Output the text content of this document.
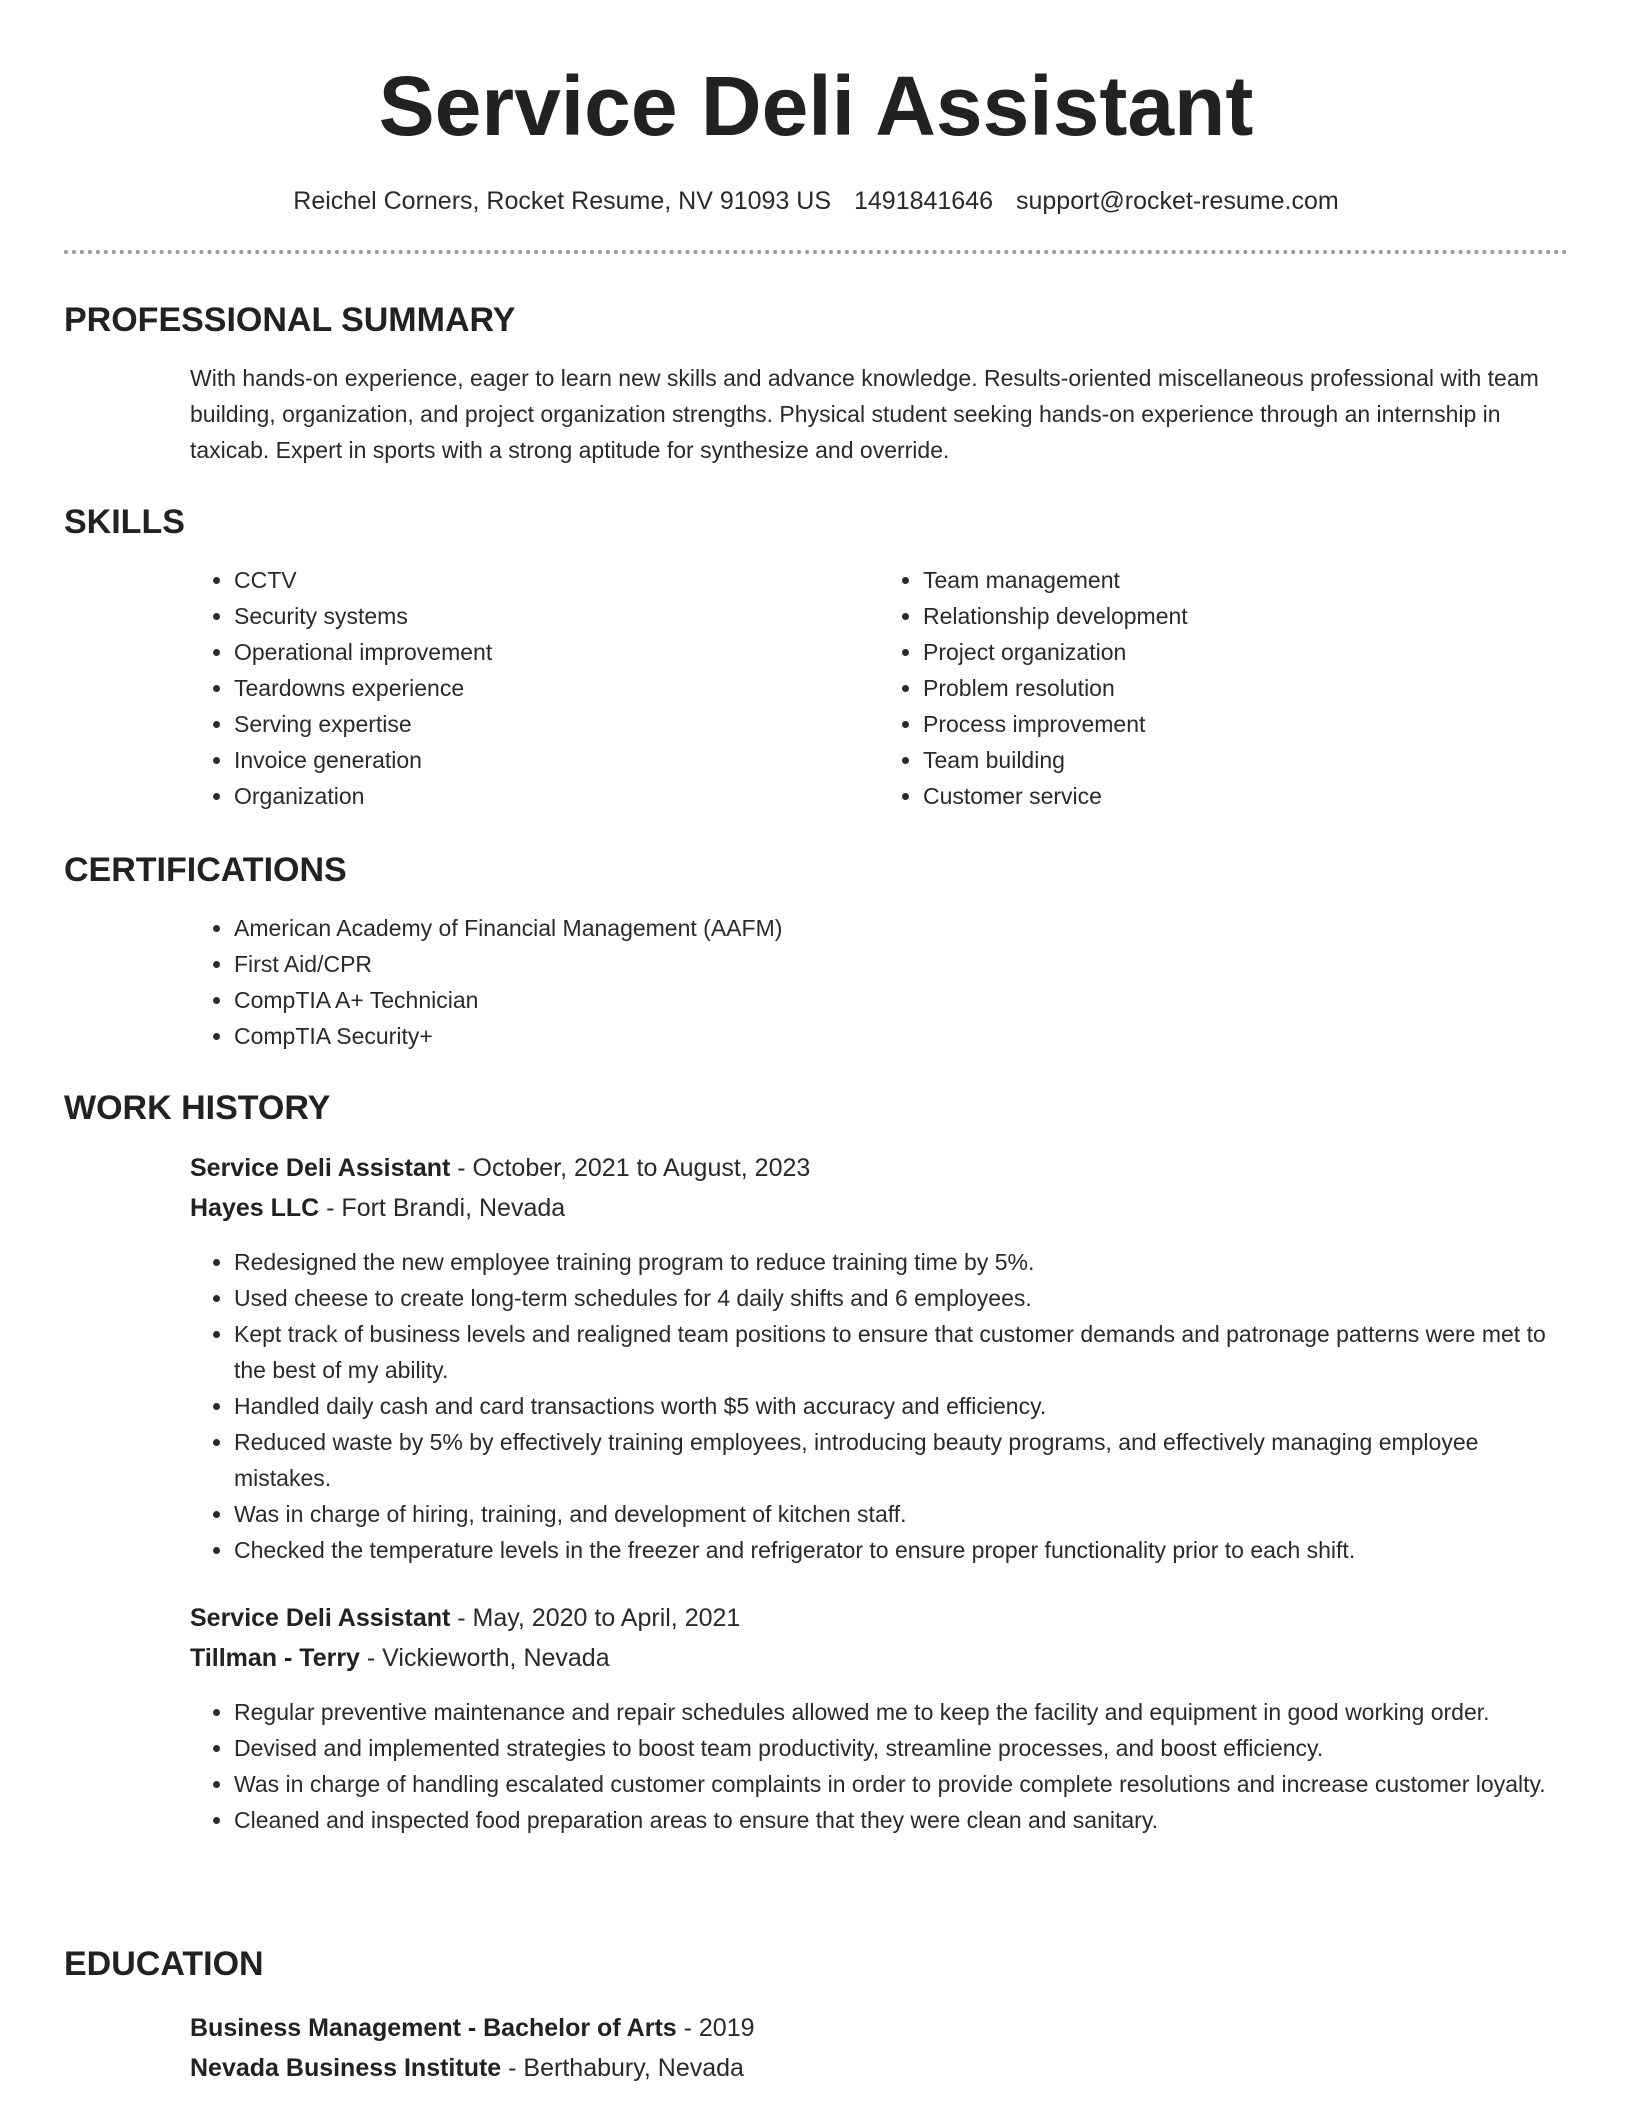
Service Deli Assistant
Reichel Corners, Rocket Resume, NV 91093 US 1491841646 support@rocket-resume.com
PROFESSIONAL SUMMARY

With hands-on experience, eager to learn new skills and advance knowledge. Results-oriented miscellaneous professional with team building, organization, and project organization strengths. Physical student seeking hands-on experience through an internship in taxicab. Expert in sports with a strong aptitude for synthesize and override.

SKILLS
• CCTV
• Security systems
• Operational improvement
• Teardowns experience
• Serving expertise
• Invoice generation
• Organization
• Team management
• Relationship development
• Project organization
• Problem resolution
• Process improvement
• Team building
• Customer service
CERTIFICATIONS
• American Academy of Financial Management (AAFM)
• First Aid/CPR
• CompTIA A+ Technician
• CompTIA Security+
WORK HISTORY
Service Deli Assistant - October, 2021 to August, 2023
Hayes LLC - Fort Brandi, Nevada
• Redesigned the new employee training program to reduce training time by 5%.
• Used cheese to create long-term schedules for 4 daily shifts and 6 employees.
• Kept track of business levels and realigned team positions to ensure that customer demands and patronage patterns were met to the best of my ability.
• Handled daily cash and card transactions worth $5 with accuracy and efficiency.
• Reduced waste by 5% by effectively training employees, introducing beauty programs, and effectively managing employee mistakes.
• Was in charge of hiring, training, and development of kitchen staff.
• Checked the temperature levels in the freezer and refrigerator to ensure proper functionality prior to each shift.
Service Deli Assistant - May, 2020 to April, 2021
Tillman - Terry - Vickieworth, Nevada
• Regular preventive maintenance and repair schedules allowed me to keep the facility and equipment in good working order.
• Devised and implemented strategies to boost team productivity, streamline processes, and boost efficiency.
• Was in charge of handling escalated customer complaints in order to provide complete resolutions and increase customer loyalty.
• Cleaned and inspected food preparation areas to ensure that they were clean and sanitary.
EDUCATION
Business Management - Bachelor of Arts - 2019
Nevada Business Institute - Berthabury, Nevada
